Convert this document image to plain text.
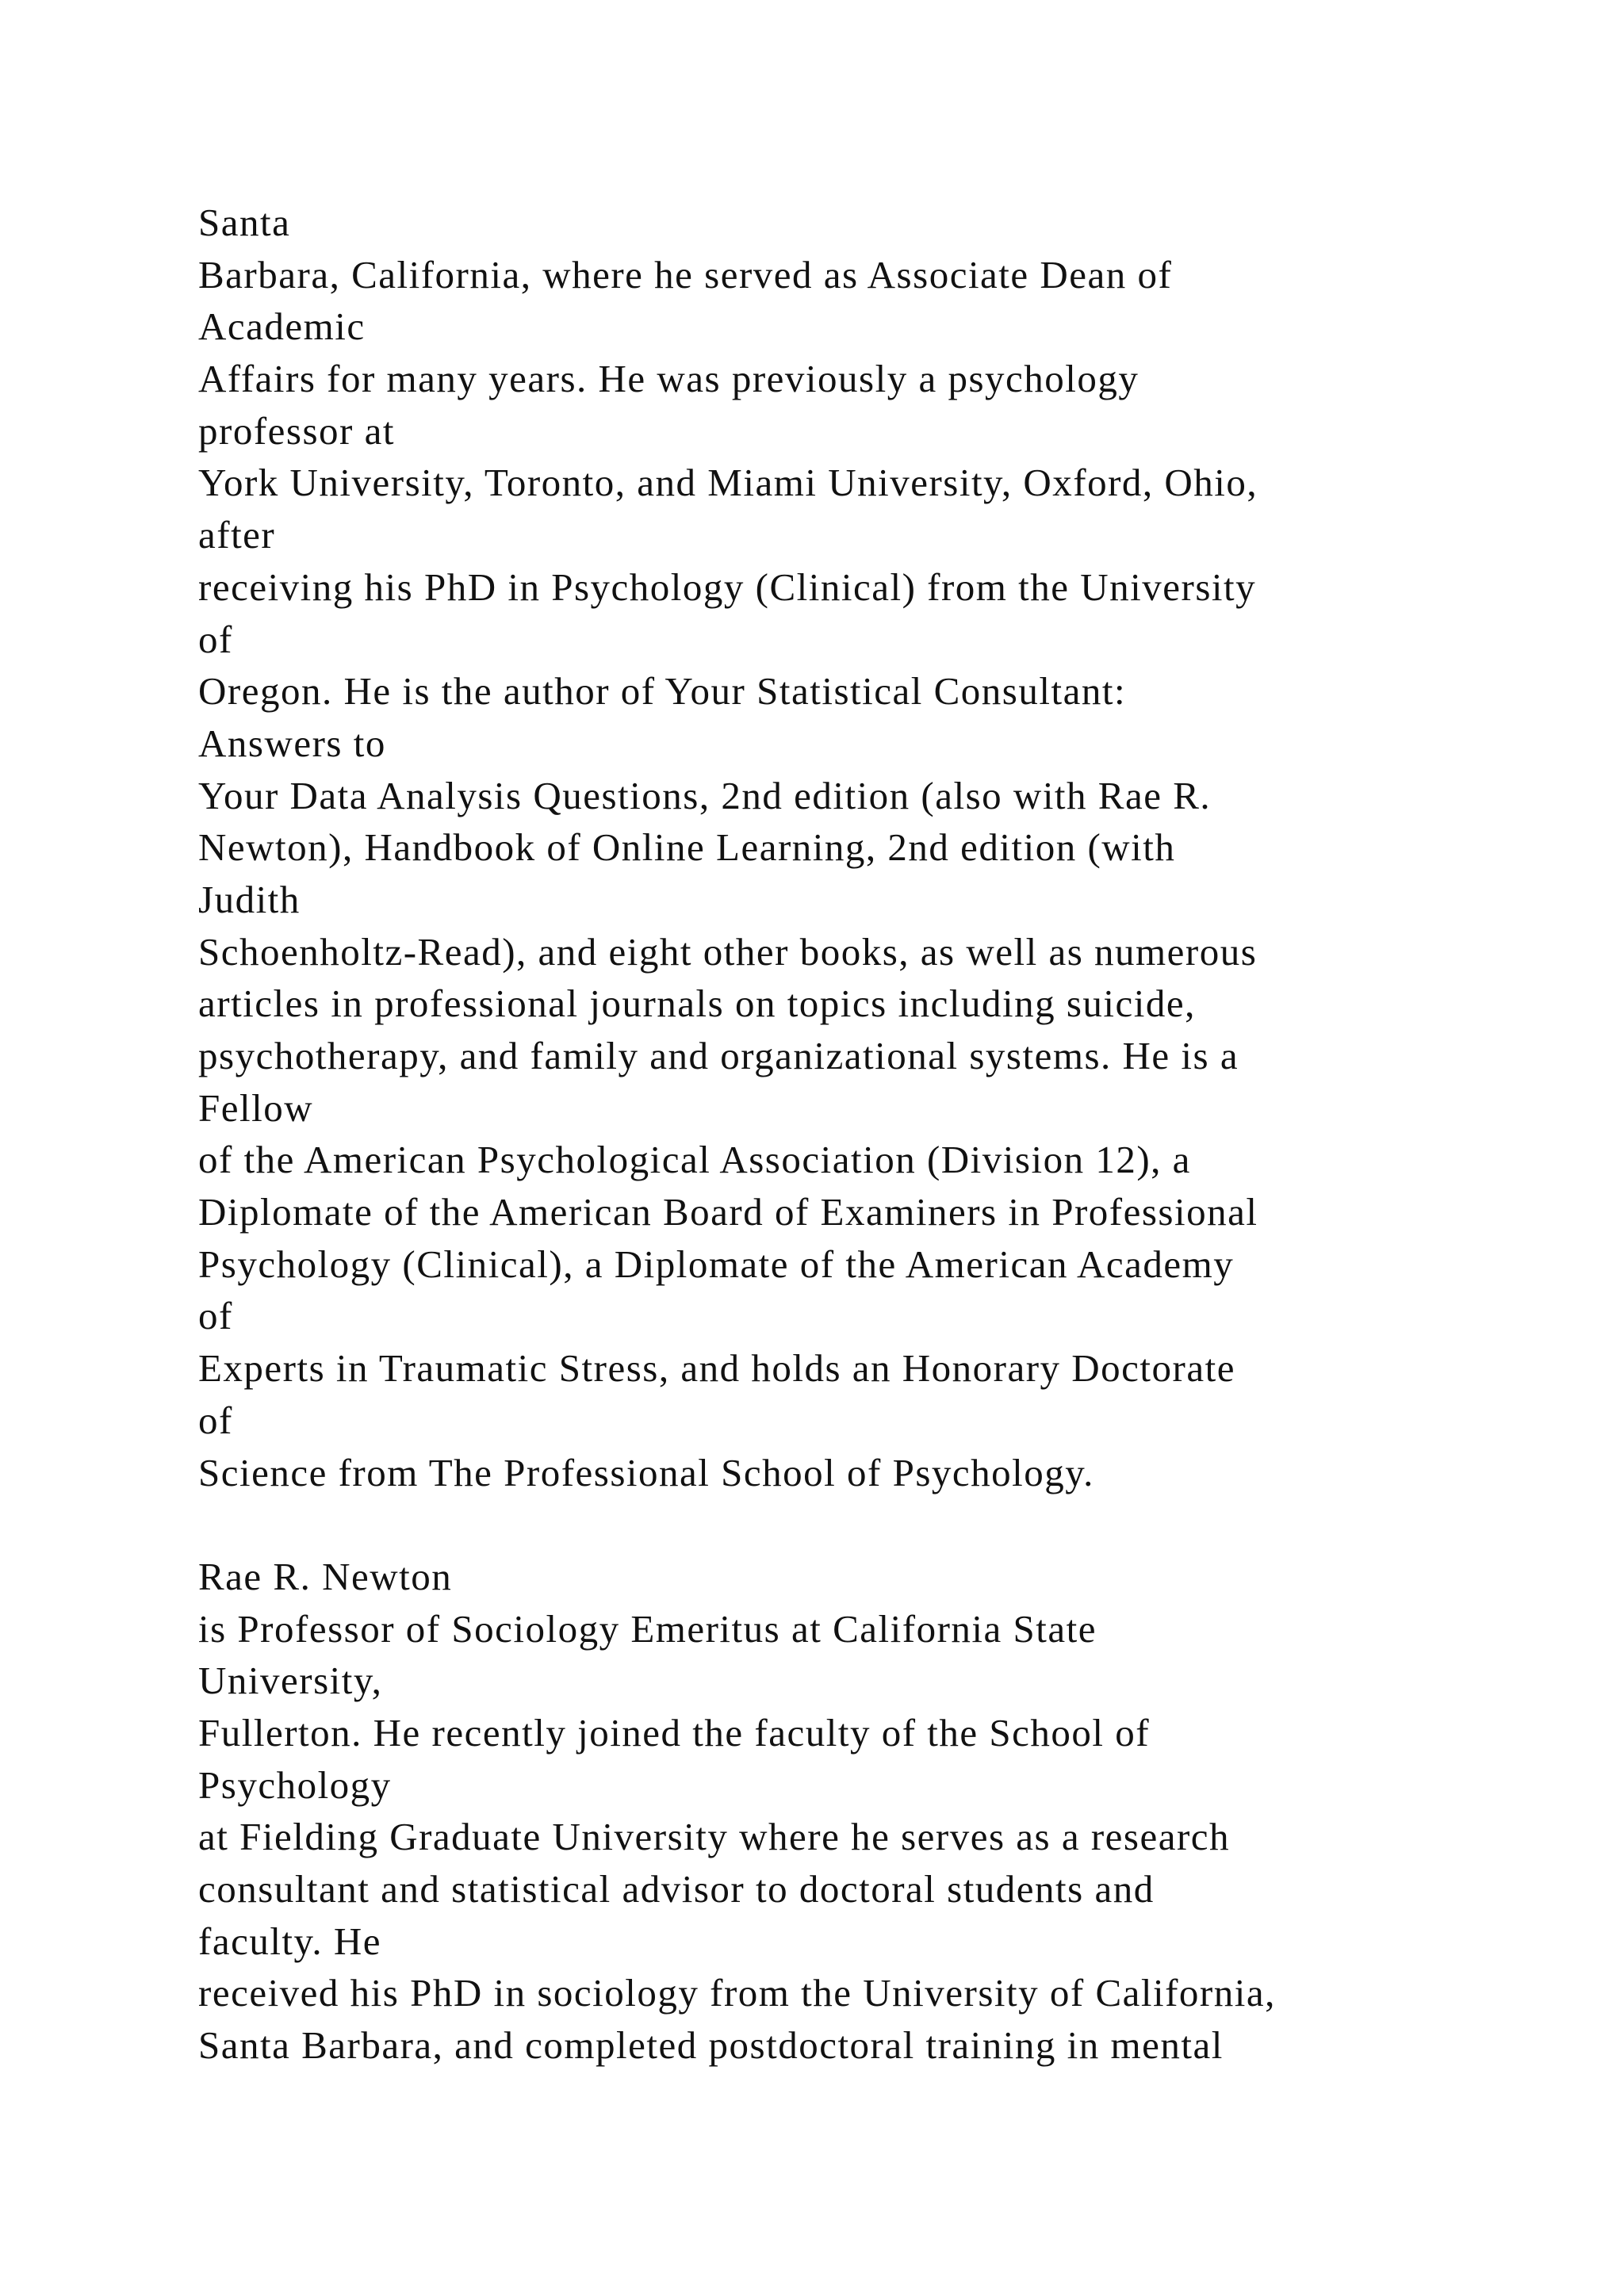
Santa
Barbara, California, where he served as Associate Dean of
Academic
Affairs for many years. He was previously a psychology
professor at
York University, Toronto, and Miami University, Oxford, Ohio,
after
receiving his PhD in Psychology (Clinical) from the University
of
Oregon. He is the author of Your Statistical Consultant:
Answers to
Your Data Analysis Questions, 2nd edition (also with Rae R.
Newton), Handbook of Online Learning, 2nd edition (with
Judith
Schoenholtz-Read), and eight other books, as well as numerous
articles in professional journals on topics including suicide,
psychotherapy, and family and organizational systems. He is a
Fellow
of the American Psychological Association (Division 12), a
Diplomate of the American Board of Examiners in Professional
Psychology (Clinical), a Diplomate of the American Academy
of
Experts in Traumatic Stress, and holds an Honorary Doctorate
of
Science from The Professional School of Psychology.
Rae R. Newton
is Professor of Sociology Emeritus at California State
University,
Fullerton. He recently joined the faculty of the School of
Psychology
at Fielding Graduate University where he serves as a research
consultant and statistical advisor to doctoral students and
faculty. He
received his PhD in sociology from the University of California,
Santa Barbara, and completed postdoctoral training in mental
